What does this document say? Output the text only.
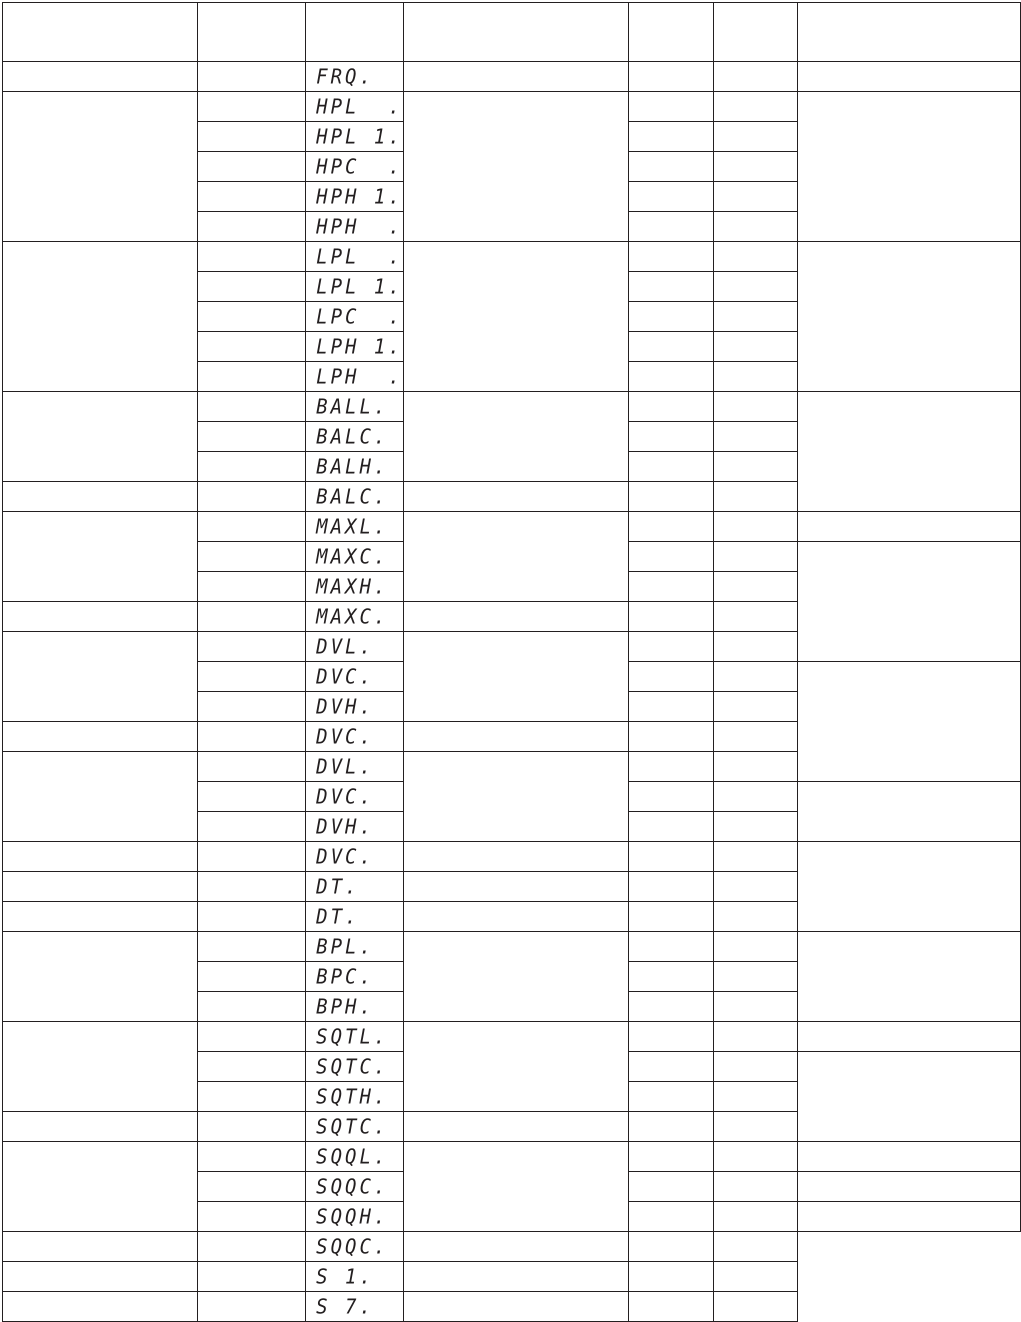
		FRQ.				
		HPL  .				
		HPL 1.				
		HPC  .				
		HPH 1.				
		HPH  .				
		LPL  .				
		LPL 1.				
		LPC  .				
		LPH 1.				
		LPH  .				
		BALL.				
		BALC.				
		BALH.				
		BALC.				
		MAXL.				
		MAXC.				
		MAXH.				
		MAXC.				
		DVL.				
		DVC.				
		DVH.				
		DVC.				
		DVL.				
		DVC.				
		DVH.				
		DVC.				
		DT.				
		DT.				
		BPL.				
		BPC.				
		BPH.				
		SQTL.				
		SQTC.				
		SQTH.				
		SQTC.				
		SQQL.				
		SQQC.				
		SQQH.				
		SQQC.				
		S 1.				
		S 7.				
